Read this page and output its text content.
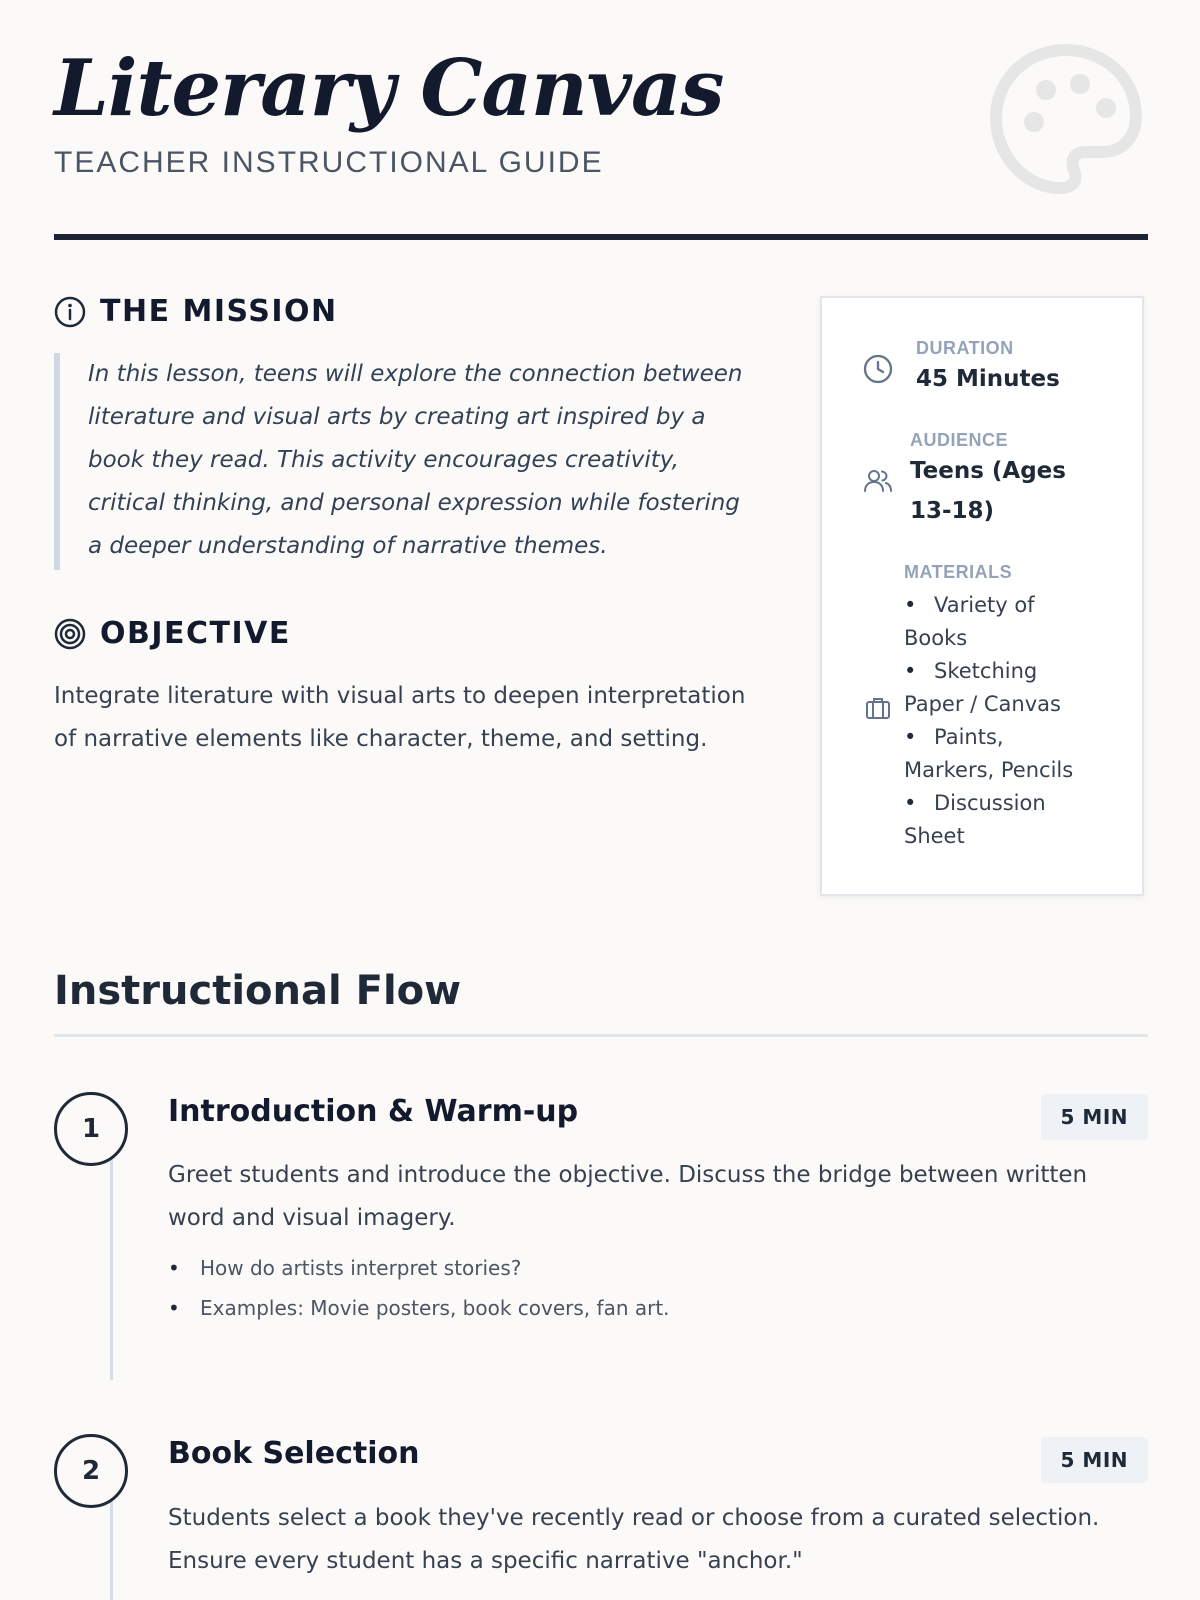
Literary Canvas

TEACHER INSTRUCTIONAL GUIDE

THE MISSION

In this lesson, teens will explore the connection between literature and visual arts by creating art inspired by a book they read. This activity encourages creativity, critical thinking, and personal expression while fostering a deeper understanding of narrative themes.

OBJECTIVE

Integrate literature with visual arts to deepen interpretation of narrative elements like character, theme, and setting.

DURATION
45 Minutes
AUDIENCE
Teens (Ages 13-18)
MATERIALS
• Variety of Books
• Sketching Paper / Canvas
• Paints, Markers, Pencils
• Discussion Sheet
Instructional Flow
1	Introduction & Warm-up	5 MIN

Greet students and introduce the objective. Discuss the bridge between written word and visual imagery.

• How do artists interpret stories?
• Examples: Movie posters, book covers, fan art.
2	Book Selection	5 MIN

Students select a book they've recently read or choose from a curated selection. Ensure every student has a specific narrative "anchor."
